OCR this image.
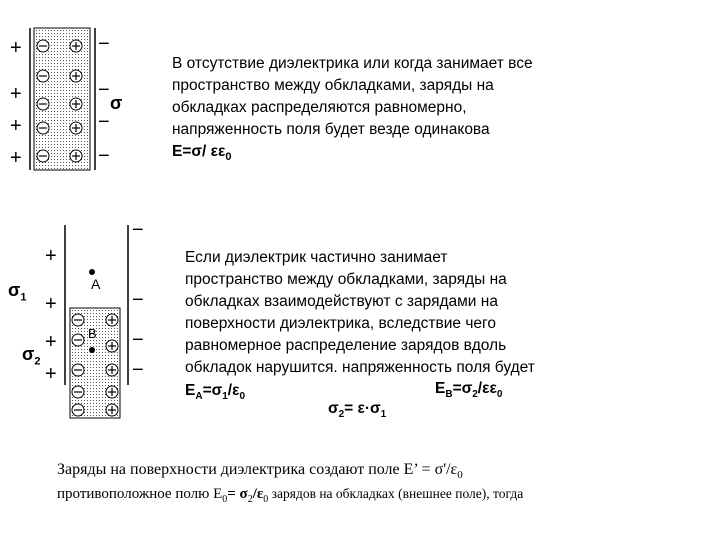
+
+
+
+
−
−
−
−
σ
В отсутствие диэлектрика или когда занимает все
пространство между обкладками, заряды на
обкладках распределяются равномерно,
напряженность поля будет везде одинакова
E=σ/ $\varepsilon\varepsilon_0$
+
+
+
+
−
−
−
−
A
B
$\sigma_1$
$\sigma_2$
Если диэлектрик частично занимает
пространство между обкладками, заряды на
обкладках взаимодействуют с зарядами на
поверхности диэлектрика, вследствие чего
равномерное распределение зарядов вдоль
обкладок нарушится. напряженность поля будет
$E_A=\sigma_1/\varepsilon_0$	$E_B=\sigma_2/\varepsilon\varepsilon_0$
$\sigma_2= \varepsilon\cdot\sigma_1$
Заряды на поверхности диэлектрика создают поле E’ = $\sigma'/\varepsilon_0$
противоположное полю $E_0= \sigma_2/\varepsilon_0$ зарядов на обкладках (внешнее поле), тогда
